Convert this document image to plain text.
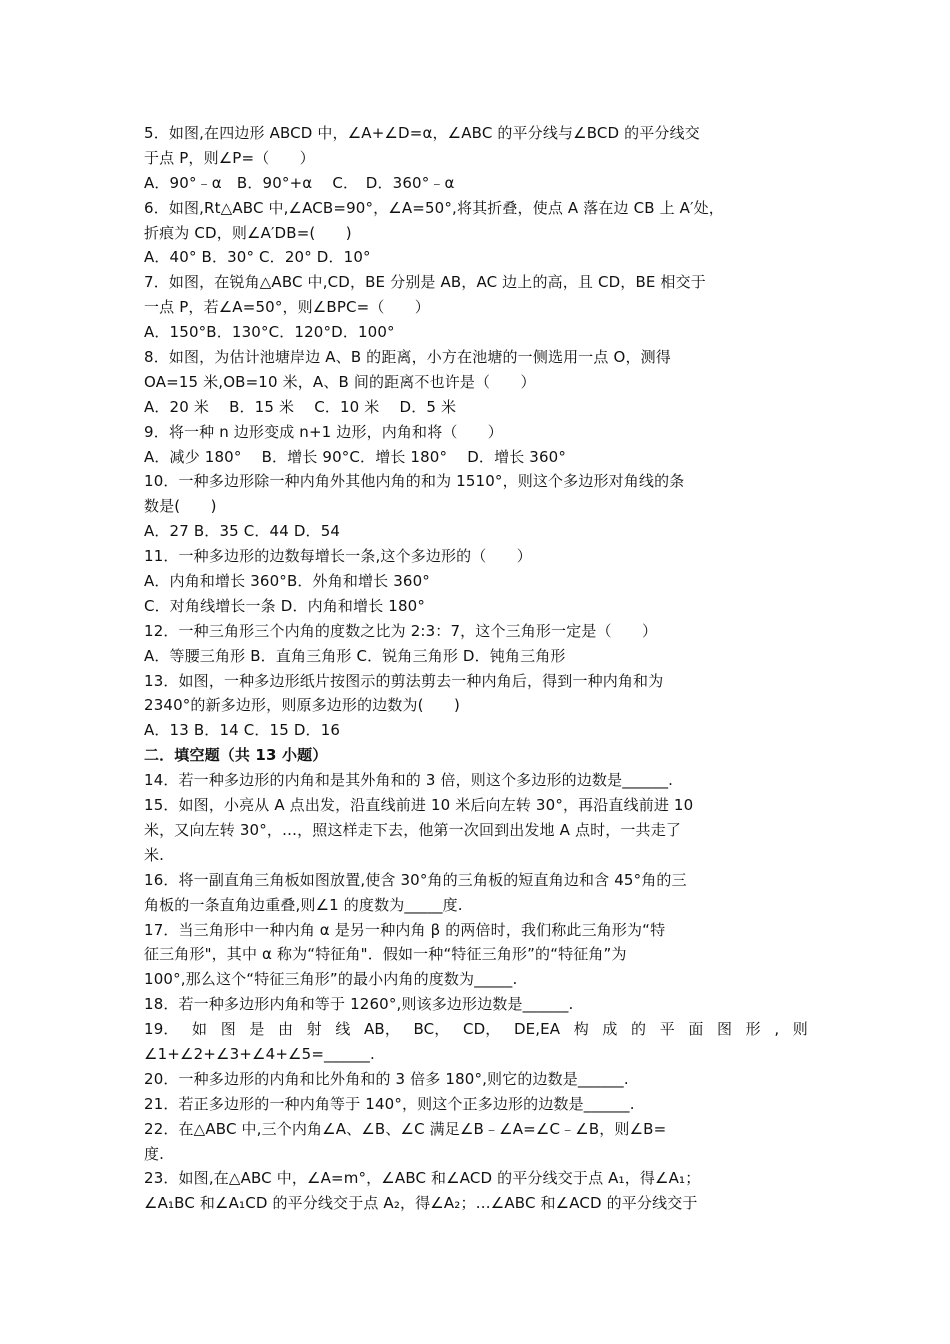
5．如图,在四边形 ABCD 中，∠A+∠D=α，∠ABC 的平分线与∠BCD 的平分线交
于点 P，则∠P=（　　）
A．90°﹣α　B．90°+α　 C．　D．360°﹣α
6．如图,Rt△ABC 中,∠ACB=90°，∠A=50°,将其折叠，使点 A 落在边 CB 上 A′处，
折痕为 CD，则∠A′DB=(　　)
A．40° B．30° C．20° D．10°
7．如图，在锐角△ABC 中,CD，BE 分别是 AB，AC 边上的高，且 CD，BE 相交于
一点 P，若∠A=50°，则∠BPC=（　　）
A．150°B．130°C．120°D．100°
8．如图，为估计池塘岸边 A、B 的距离，小方在池塘的一侧选用一点 O，测得
OA=15 米,OB=10 米，A、B 间的距离不也许是（　　）
A．20 米　 B．15 米　 C．10 米　 D．5 米
9．将一种 n 边形变成 n+1 边形，内角和将（　　）
A．减少 180°　 B．增长 90°C．增长 180°　 D．增长 360°
10．一种多边形除一种内角外其他内角的和为 1510°，则这个多边形对角线的条
数是(　　)
A．27 B．35 C．44 D．54
11．一种多边形的边数每增长一条,这个多边形的（　　）
A．内角和增长 360°B．外角和增长 360°
C．对角线增长一条 D．内角和增长 180°
12．一种三角形三个内角的度数之比为 2:3：7，这个三角形一定是（　　）
A．等腰三角形 B．直角三角形 C．锐角三角形 D．钝角三角形
13．如图，一种多边形纸片按图示的剪法剪去一种内角后，得到一种内角和为
2340°的新多边形，则原多边形的边数为(　　)
A．13 B．14 C．15 D．16
二．填空题（共 13 小题）
14．若一种多边形的内角和是其外角和的 3 倍，则这个多边形的边数是______.
15．如图，小亮从 A 点出发，沿直线前进 10 米后向左转 30°，再沿直线前进 10
米，又向左转 30°，…，照这样走下去，他第一次回到出发地 A 点时，一共走了
米.
16．将一副直角三角板如图放置,使含 30°角的三角板的短直角边和含 45°角的三
角板的一条直角边重叠,则∠1 的度数为_____度.
17．当三角形中一种内角 α 是另一种内角 β 的两倍时，我们称此三角形为“特
征三角形"，其中 α 称为“特征角"．假如一种“特征三角形”的“特征角”为
100°,那么这个“特征三角形”的最小内角的度数为_____.
18．若一种多边形内角和等于 1260°,则该多边形边数是______.
19． 如 图 是 由 射 线 AB， BC， CD， DE,EA 构 成 的 平 面 图 形 , 则
∠1+∠2+∠3+∠4+∠5=______.
20．一种多边形的内角和比外角和的 3 倍多 180°,则它的边数是______.
21．若正多边形的一种内角等于 140°，则这个正多边形的边数是______.
22．在△ABC 中,三个内角∠A、∠B、∠C 满足∠B﹣∠A=∠C﹣∠B，则∠B=
度.
23．如图,在△ABC 中，∠A=m°，∠ABC 和∠ACD 的平分线交于点 A₁，得∠A₁；
∠A₁BC 和∠A₁CD 的平分线交于点 A₂，得∠A₂；…∠ABC 和∠ACD 的平分线交于
